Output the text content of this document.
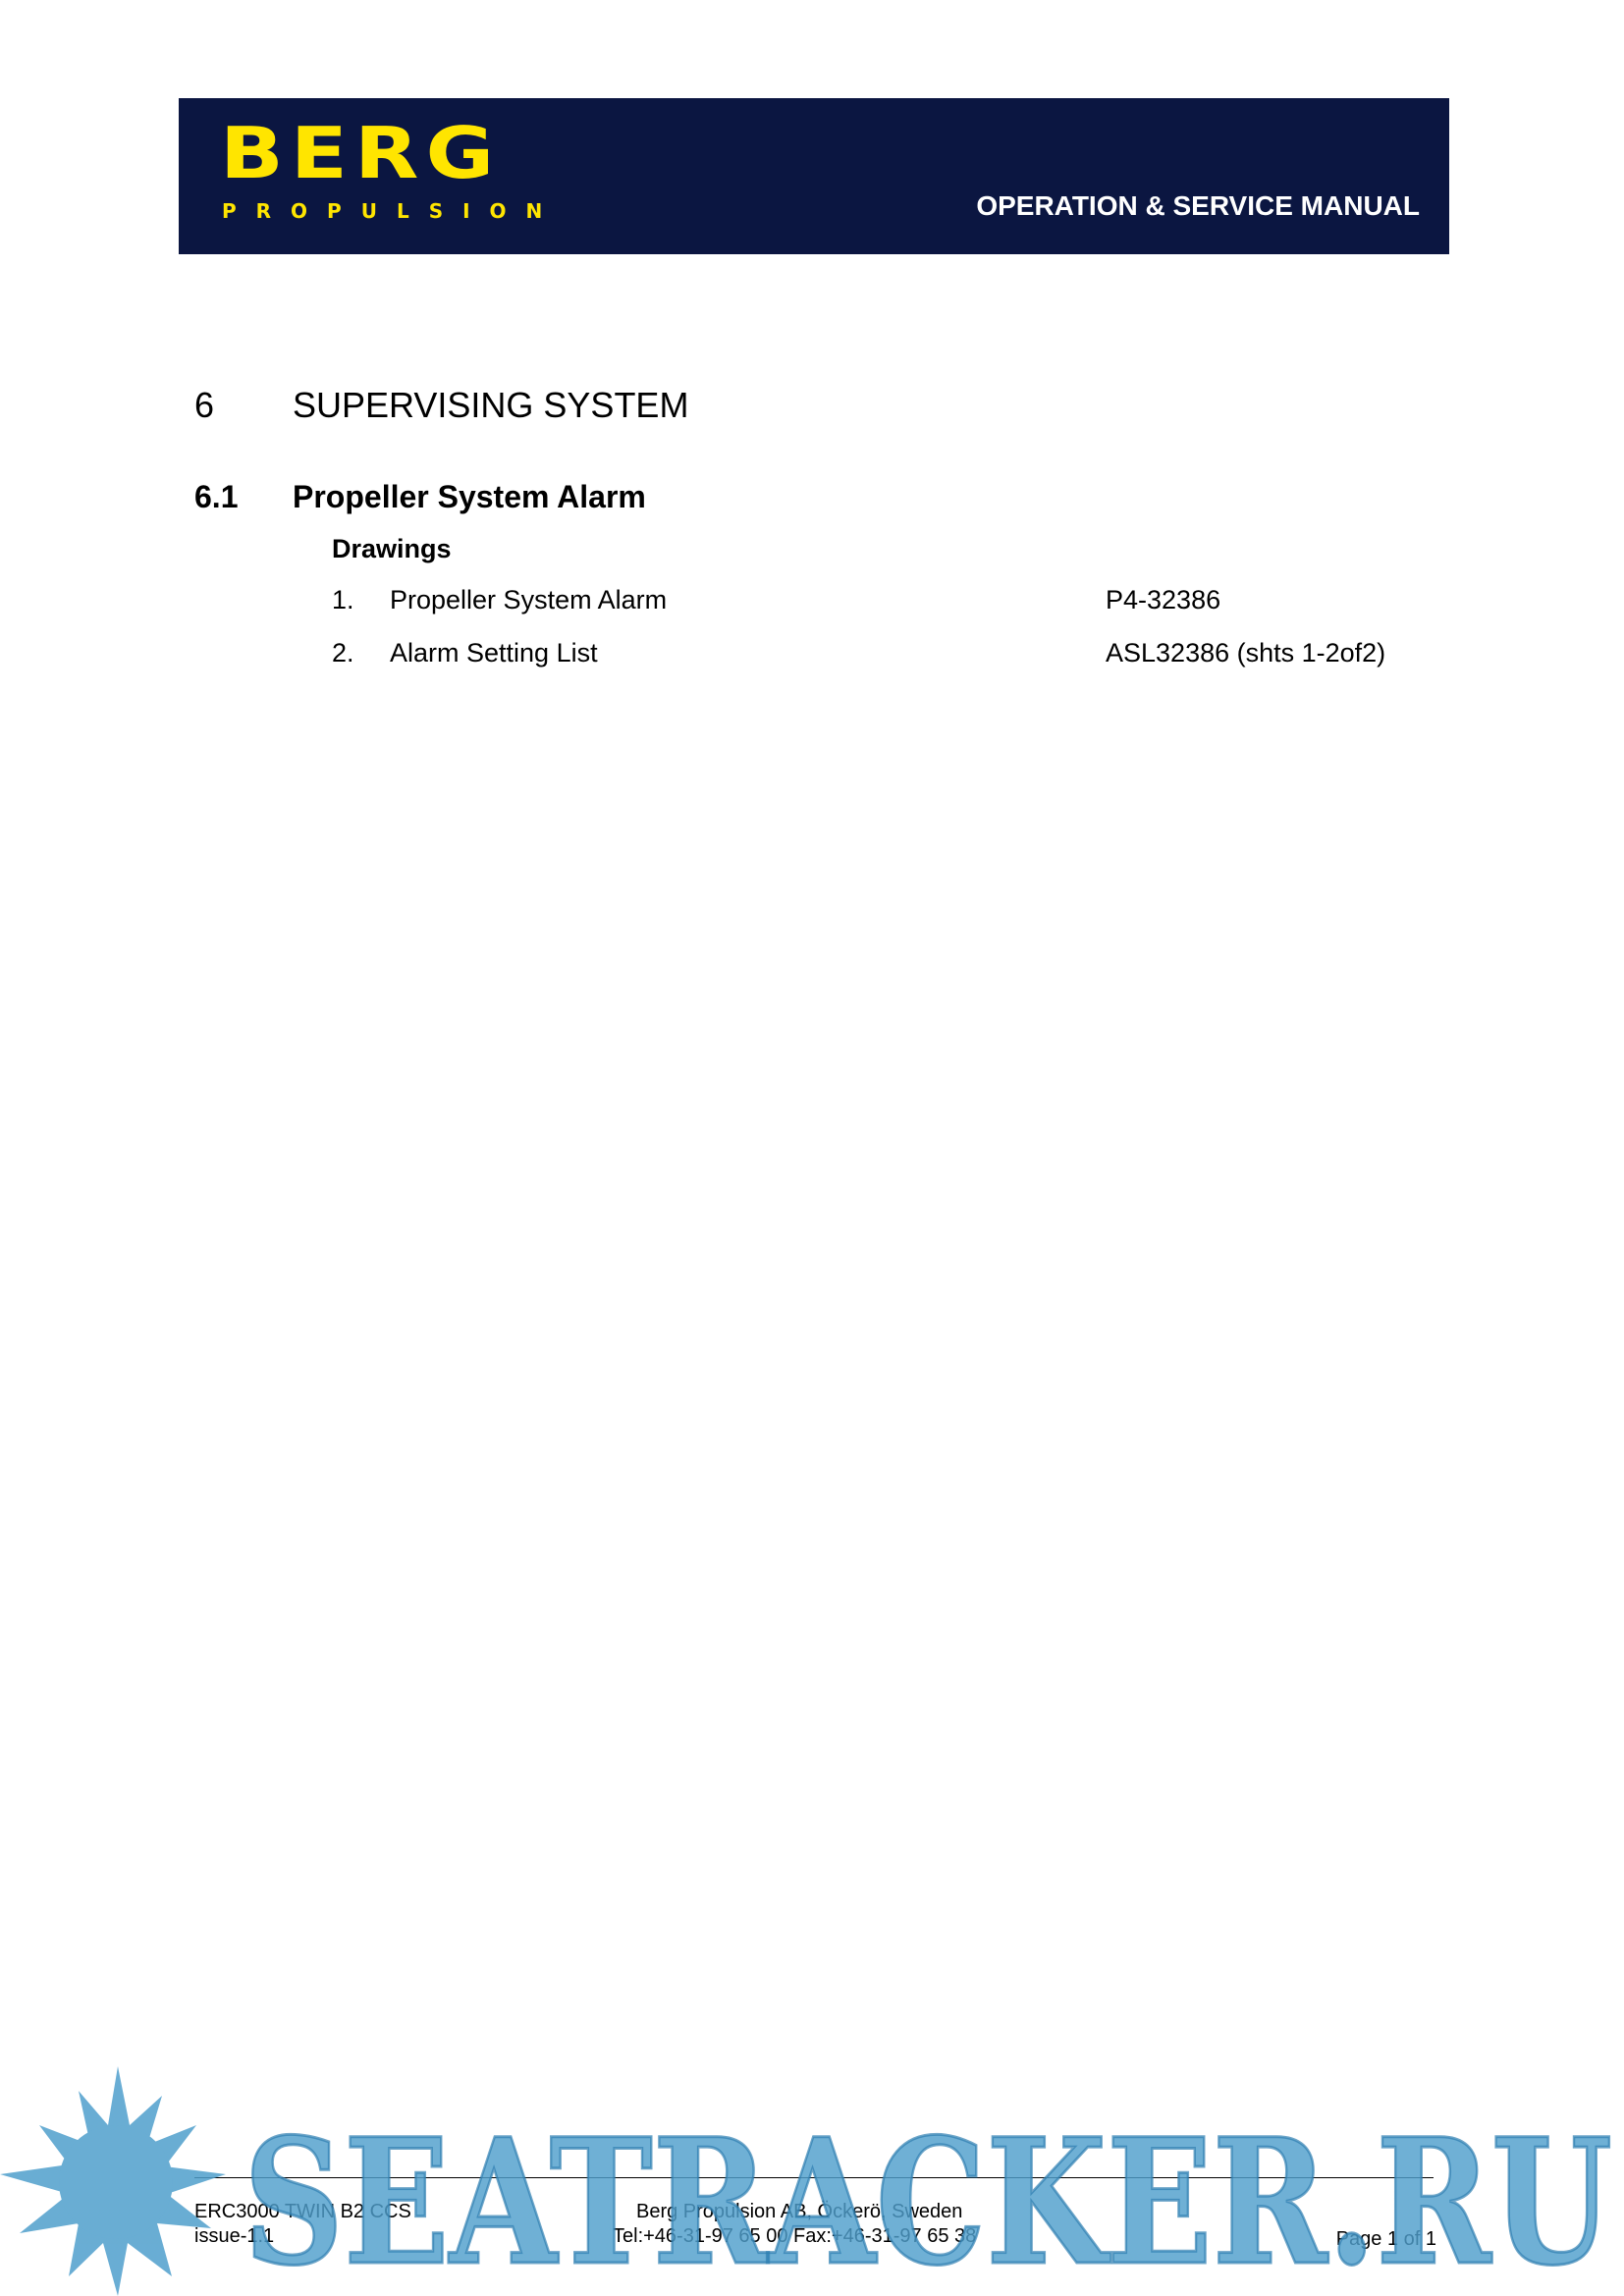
BERG
PROPULSION	OPERATION & SERVICE MANUAL
6 SUPERVISING SYSTEM
6.1 Propeller System Alarm
Drawings
1. Propeller System Alarm	P4-32386
2. Alarm Setting List	ASL32386 (shts 1-2of2)
ERC3000 TWIN B2 CCS
issue-1.1
Berg Propulsion AB, Öckerö, Sweden
Tel:+46-31-97 65 00 Fax:+46-31-97 65 38	Page 1 of 1
SEATRACKER.RU
